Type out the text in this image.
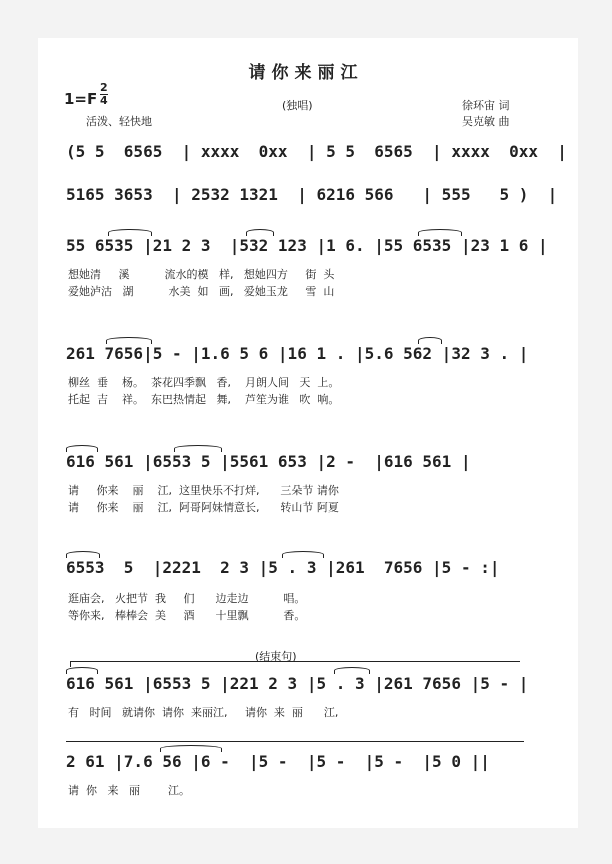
请你来丽江
1=F
2
4
活泼、轻快地
(独唱)	徐环宙 词
吴克敏 曲
(结束句)
(5 5  6565  | xxxx  0xx  | 5 5  6565  | xxxx  0xx  |
5165 3653  | 2532 1321  | 6216 566   | 555   5 )  |
55 6535 |21 2 3  |532 123 |1 6. |55 6535 |23 1 6 |
想她清     溪          流水的模   样,   想她四方     街  头
爱她泸沽   湖          水美  如   画,   爱她玉龙     雪  山
261 7656|5 - |1.6 5 6 |16 1 . |5.6 562 |32 3 . |
柳丝  垂    杨。  茶花四季飘   香,    月朗人间   天  上。
托起  吉    祥。  东巴热情起   舞,    芦笙为谁   吹  响。
616 561 |6553 5 |5561 653 |2 -  |616 561 |
请     你来    丽    江,  这里快乐不打烊,      三朵节 请你
请     你来    丽    江,  阿哥阿妹情意长,      转山节 阿夏
6553  5  |2221  2 3 |5 . 3 |261  7656 |5 - :|
逛庙会,   火把节  我     们      边走边          唱。
等你来,   棒棒会  美     酒      十里飘          香。
616 561 |6553 5 |221 2 3 |5 . 3 |261 7656 |5 - |
有   时间   就请你  请你  来丽江,     请你  来  丽      江,
2 61 |7.6 56 |6 -  |5 -  |5 -  |5 -  |5 0 ||
请  你   来   丽        江。
